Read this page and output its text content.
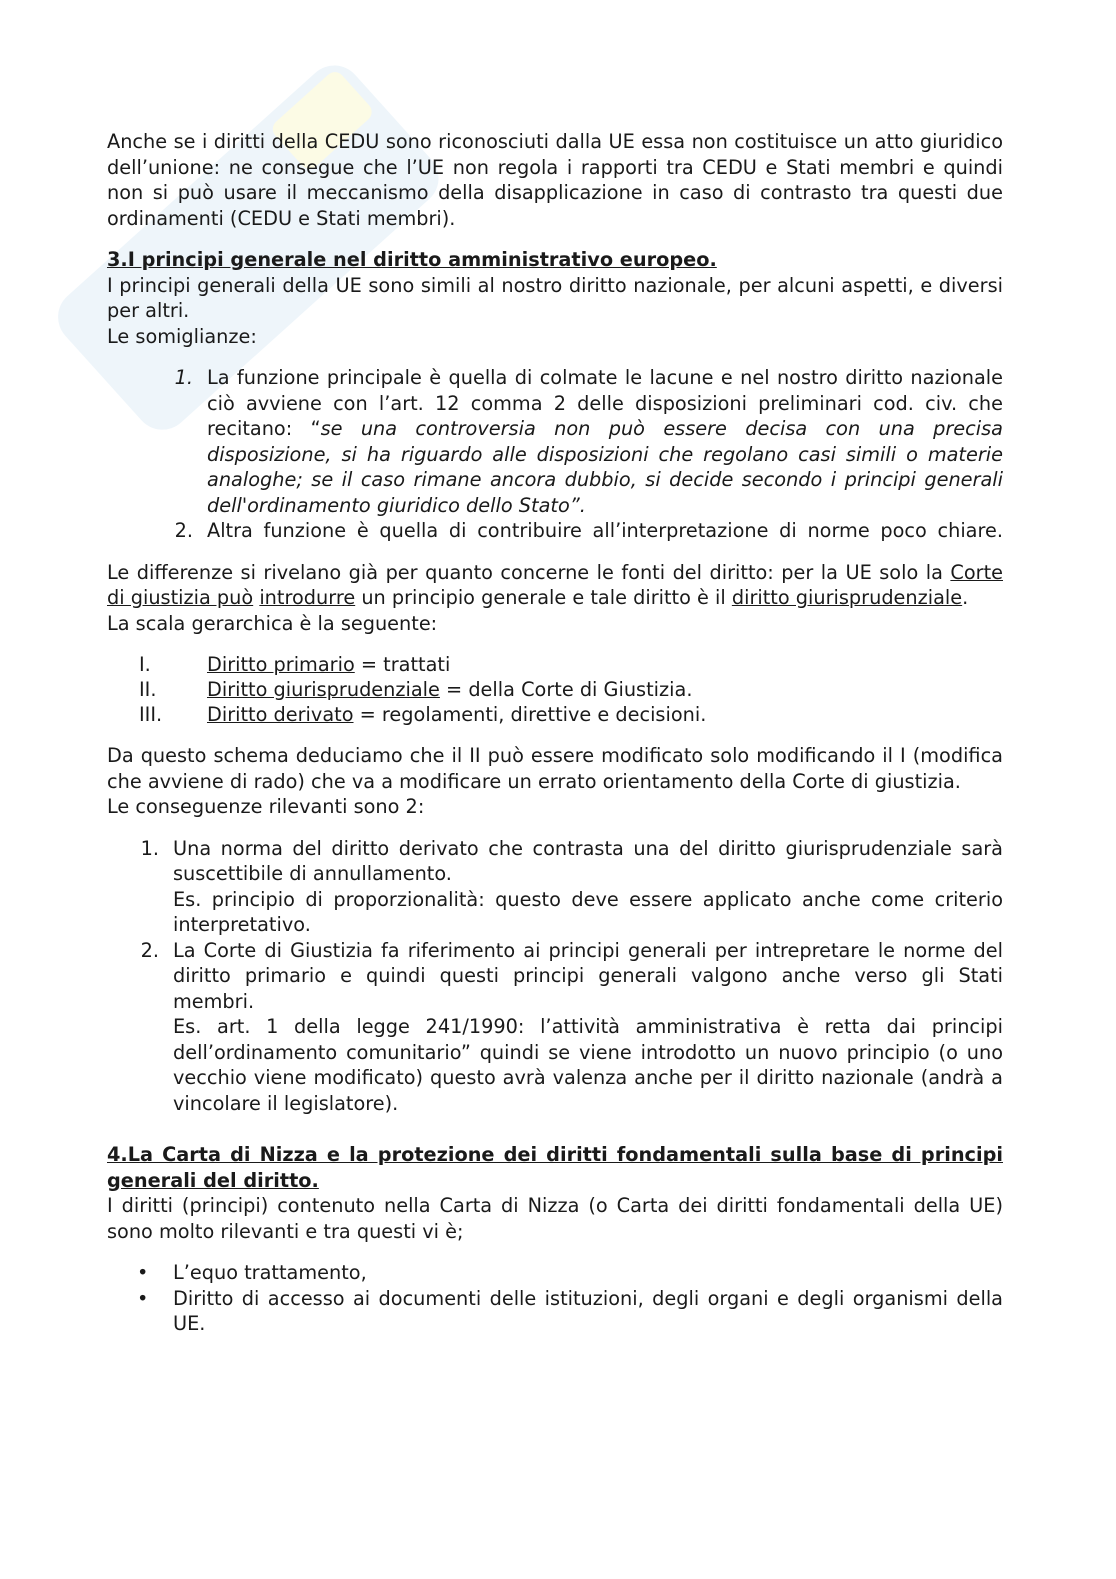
Anche se i diritti della CEDU sono riconosciuti dalla UE essa non costituisce un atto giuridico dell’unione: ne consegue che l’UE non regola i rapporti tra CEDU e Stati membri e quindi non si può usare il meccanismo della disapplicazione in caso di contrasto tra questi due ordinamenti (CEDU e Stati membri).

3.I principi generale nel diritto amministrativo europeo.

I principi generali della UE sono simili al nostro diritto nazionale, per alcuni aspetti, e diversi per altri.

Le somiglianze:

1. La funzione principale è quella di colmate le lacune e nel nostro diritto nazionale ciò avviene con l’art. 12 comma 2 delle disposizioni preliminari cod. civ. che recitano: “se una controversia non può essere decisa con una precisa disposizione, si ha riguardo alle disposizioni che regolano casi simili o materie analoghe; se il caso rimane ancora dubbio, si decide secondo i principi generali dell'ordinamento giuridico dello Stato”.
2. Altra funzione è quella di contribuire all’interpretazione di norme poco chiare.

Le differenze si rivelano già per quanto concerne le fonti del diritto: per la UE solo la Corte di giustizia può introdurre un principio generale e tale diritto è il diritto giurisprudenziale.

La scala gerarchica è la seguente:

I.	Diritto primario = trattati
II.	Diritto giurisprudenziale = della Corte di Giustizia.
III. Diritto derivato = regolamenti, direttive e decisioni.

Da questo schema deduciamo che il II può essere modificato solo modificando il I (modifica che avviene di rado) che va a modificare un errato orientamento della Corte di giustizia.

Le conseguenze rilevanti sono 2:

1. Una norma del diritto derivato che contrasta una del diritto giurisprudenziale sarà suscettibile di annullamento.
Es. principio di proporzionalità: questo deve essere applicato anche come criterio interpretativo.
2. La Corte di Giustizia fa riferimento ai principi generali per intrepretare le norme del diritto primario e quindi questi principi generali valgono anche verso gli Stati membri.
Es. art. 1 della legge 241/1990: l’attività amministrativa è retta dai principi dell’ordinamento comunitario” quindi se viene introdotto un nuovo principio (o uno vecchio viene modificato) questo avrà valenza anche per il diritto nazionale (andrà a vincolare il legislatore).
4.La Carta di Nizza e la protezione dei diritti fondamentali sulla base di principi generali del diritto.

I diritti (principi) contenuto nella Carta di Nizza (o Carta dei diritti fondamentali della UE) sono molto rilevanti e tra questi vi è;

• L’equo trattamento,
• Diritto di accesso ai documenti delle istituzioni, degli organi e degli organismi della UE.
